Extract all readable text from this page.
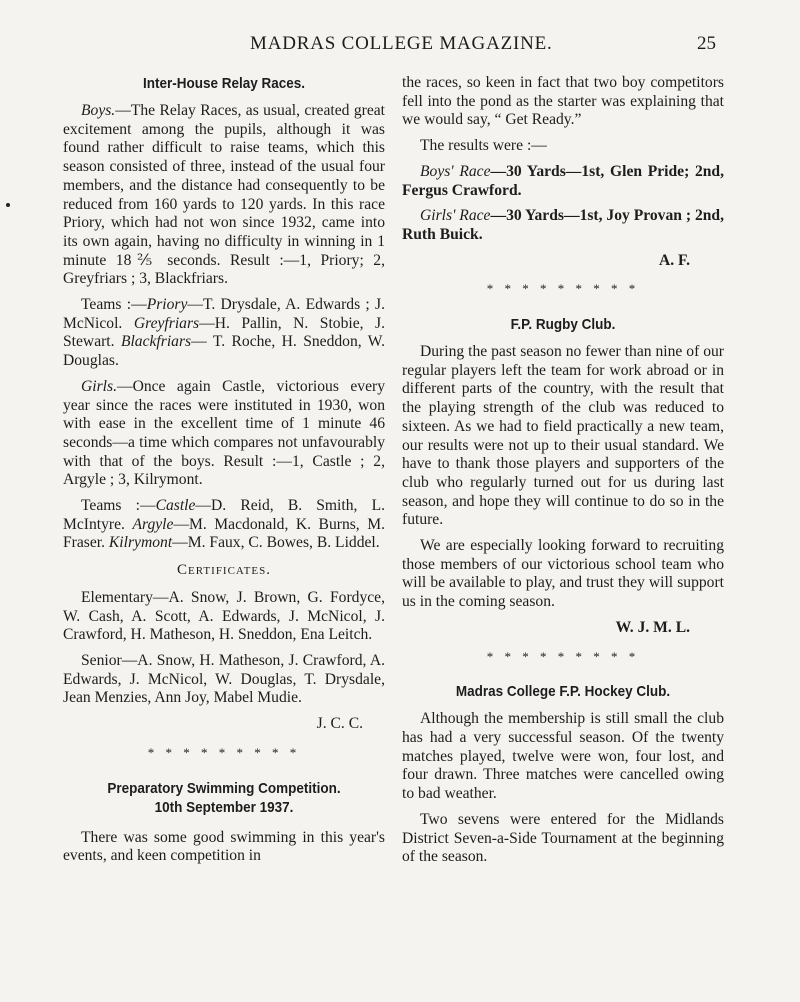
MADRAS COLLEGE MAGAZINE.	25
Inter-House Relay Races.

Boys.—The Relay Races, as usual, created great excitement among the pupils, although it was found rather difficult to raise teams, which this season consisted of three, instead of the usual four members, and the distance had consequently to be reduced from 160 yards to 120 yards. In this race Priory, which had not won since 1932, came into its own again, having no difficulty in winning in 1 minute 18⅖ seconds. Result :—1, Priory; 2, Greyfriars ; 3, Blackfriars.

Teams :—Priory—T. Drysdale, A. Edwards ; J. McNicol. Greyfriars—H. Pallin, N. Stobie, J. Stewart. Blackfriars— T. Roche, H. Sneddon, W. Douglas.

Girls.—Once again Castle, victorious every year since the races were instituted in 1930, won with ease in the excellent time of 1 minute 46 seconds—a time which compares not unfavourably with that of the boys. Result :—1, Castle ; 2, Argyle ; 3, Kilrymont.

Teams :—Castle—D. Reid, B. Smith, L. McIntyre. Argyle—M. Macdonald, K. Burns, M. Fraser. Kilrymont—M. Faux, C. Bowes, B. Liddel.

Certificates.

Elementary—A. Snow, J. Brown, G. Fordyce, W. Cash, A. Scott, A. Edwards, J. McNicol, J. Crawford, H. Matheson, H. Sneddon, Ena Leitch.

Senior—A. Snow, H. Matheson, J. Crawford, A. Edwards, J. McNicol, W. Douglas, T. Drysdale, Jean Menzies, Ann Joy, Mabel Mudie.

J. C. C.
* * * * * * * * *
Preparatory Swimming Competition.
10th September 1937.

There was some good swimming in this year's events, and keen competition in

the races, so keen in fact that two boy competitors fell into the pond as the starter was explaining that we would say, “ Get Ready.”

The results were :—

Boys' Race—30 Yards—1st, Glen Pride; 2nd, Fergus Crawford.

Girls' Race—30 Yards—1st, Joy Provan ; 2nd, Ruth Buick.

A. F.
* * * * * * * * *
F.P. Rugby Club.

During the past season no fewer than nine of our regular players left the team for work abroad or in different parts of the country, with the result that the playing strength of the club was reduced to sixteen. As we had to field practically a new team, our results were not up to their usual standard. We have to thank those players and supporters of the club who regularly turned out for us during last season, and hope they will continue to do so in the future.

We are especially looking forward to recruiting those members of our victorious school team who will be available to play, and trust they will support us in the coming season.

W. J. M. L.
* * * * * * * * *
Madras College F.P. Hockey Club.

Although the membership is still small the club has had a very successful season. Of the twenty matches played, twelve were won, four lost, and four drawn. Three matches were cancelled owing to bad weather.

Two sevens were entered for the Midlands District Seven-a-Side Tournament at the beginning of the season.
